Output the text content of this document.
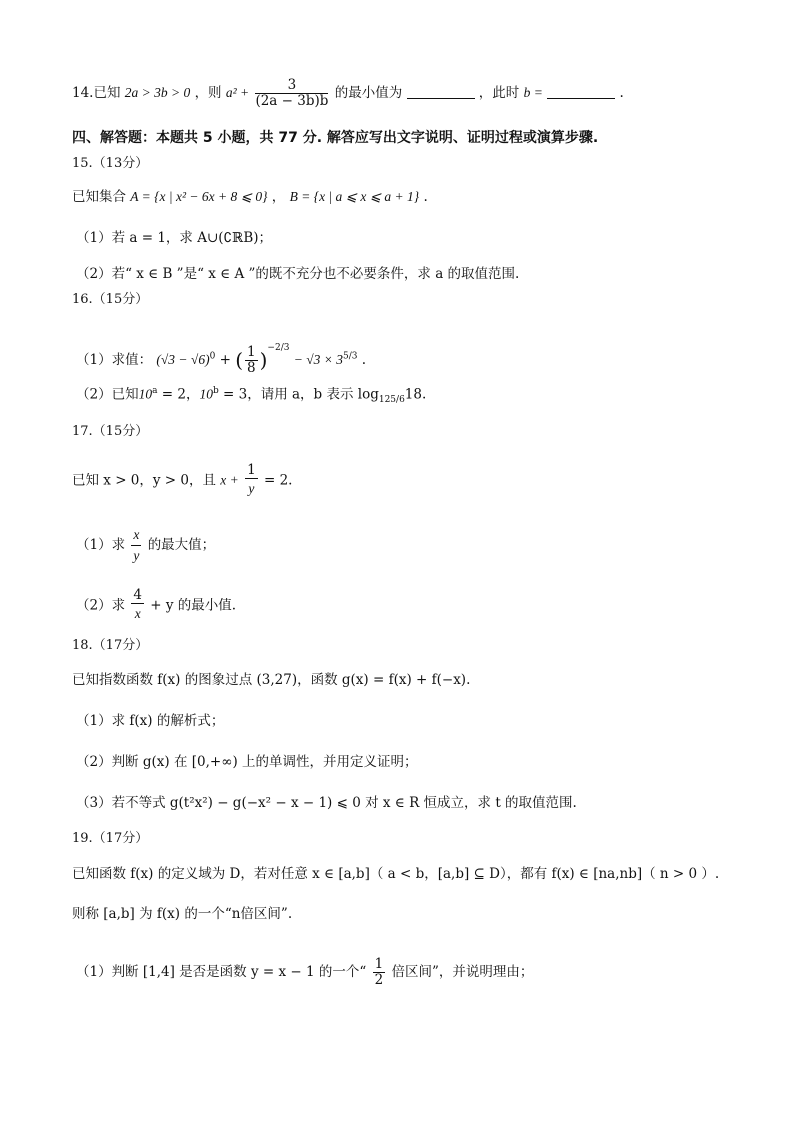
14.已知 2a > 3b > 0 ，则 $a^2 + \frac{3}{(2a - 3b)b}$ 的最小值为	，此时 b =	.
四、解答题：本题共 5 小题，共 77 分. 解答应写出文字说明、证明过程或演算步骤.
15.（13分）
已知集合 A = {x | x² − 6x + 8 ⩽ 0} ， B = {x | a ⩽ x ⩽ a + 1} .
（1）若 a = 1，求 A∪(∁ℝB)；
（2）若“ x ∈ B ”是“ x ∈ A ”的既不充分也不必要条件，求 a 的取值范围.
16.（15分）
（1）求值： $(√3 - √6)^0$ + ( $\frac{1}{8} )^{-2/3} - √3 \times 3^{5/3}$ .
（2）已知$10^a = 2$，$10^b = 3$，请用 a，b 表示 $\log_{125/6}18$.
17.（15分）
已知 x > 0，y > 0，且 $x + \frac{1}{y} = 2$.
（1）求 $\frac{x}{y}$ 的最大值；
（2）求 $\frac{4}{x} + y$ 的最小值.
18.（17分）
已知指数函数 f(x) 的图象过点 (3,27)，函数 g(x) = f(x) + f(−x).
（1）求 f(x) 的解析式；
（2）判断 g(x) 在 [0,+∞) 上的单调性，并用定义证明；
（3）若不等式 g(t²x²) − g(−x² − x − 1) ⩽ 0 对 x ∈ R 恒成立，求 t 的取值范围.
19.（17分）
已知函数 f(x) 的定义域为 D，若对任意 x ∈ [a,b]（ a < b，[a,b] ⊆ D），都有 f(x) ∈ [na,nb]（ n > 0 ）.
则称 [a,b] 为 f(x) 的一个“n倍区间”.
（1）判断 [1,4] 是否是函数 y = x − 1 的一个“ $\frac{1}{2}$ 倍区间”，并说明理由；
